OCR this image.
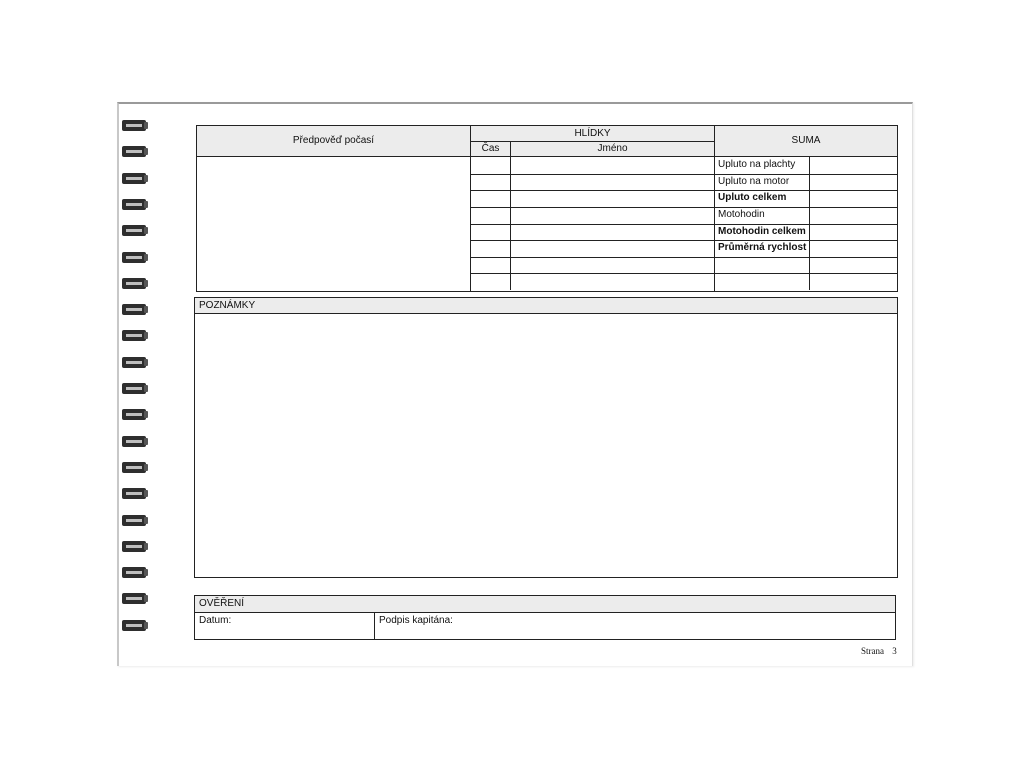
Předpověď počasí
HLÍDKY
Čas	Jméno
SUMA
Upluto na plachty
Upluto na motor
Upluto celkem
Motohodin
Motohodin celkem
Průměrná rychlost
POZNÁMKY
OVĚŘENÍ
Datum:	Podpis kapitána:
Strana 3
